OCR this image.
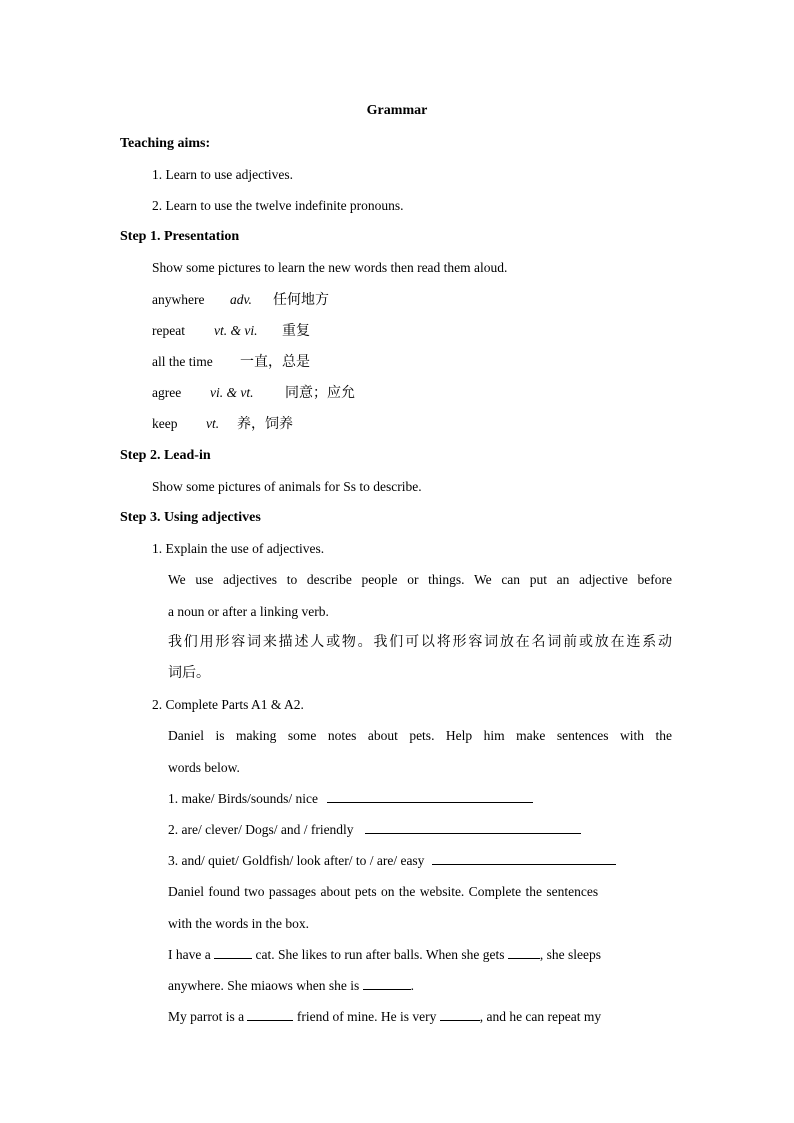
Grammar
Teaching aims:
1. Learn to use adjectives.
2. Learn to use the twelve indefinite pronouns.
Step 1. Presentation
Show some pictures to learn the new words then read them aloud.
anywhere adv. 任何地方
repeat vt. & vi. 重复
all the time 一直，总是
agree vi. & vt. 同意；应允
keep vt. 养，饲养
Step 2. Lead-in
Show some pictures of animals for Ss to describe.
Step 3. Using adjectives
1. Explain the use of adjectives.
We use adjectives to describe people or things. We can put an adjective before
a noun or after a linking verb.
我们用形容词来描述人或物。我们可以将形容词放在名词前或放在连系动
词后。
2. Complete Parts A1 & A2.
Daniel is making some notes about pets. Help him make sentences with the
words below.
1. make/ Birds/sounds/ nice
2. are/ clever/ Dogs/ and / friendly
3. and/ quiet/ Goldfish/ look after/ to / are/ easy
Daniel found two passages about pets on the website. Complete the sentences
with the words in the box.
I have a	cat. She likes to run after balls. When she gets	, she sleeps
anywhere. She miaows when she is	.
My parrot is a	friend of mine. He is very	, and he can repeat my
